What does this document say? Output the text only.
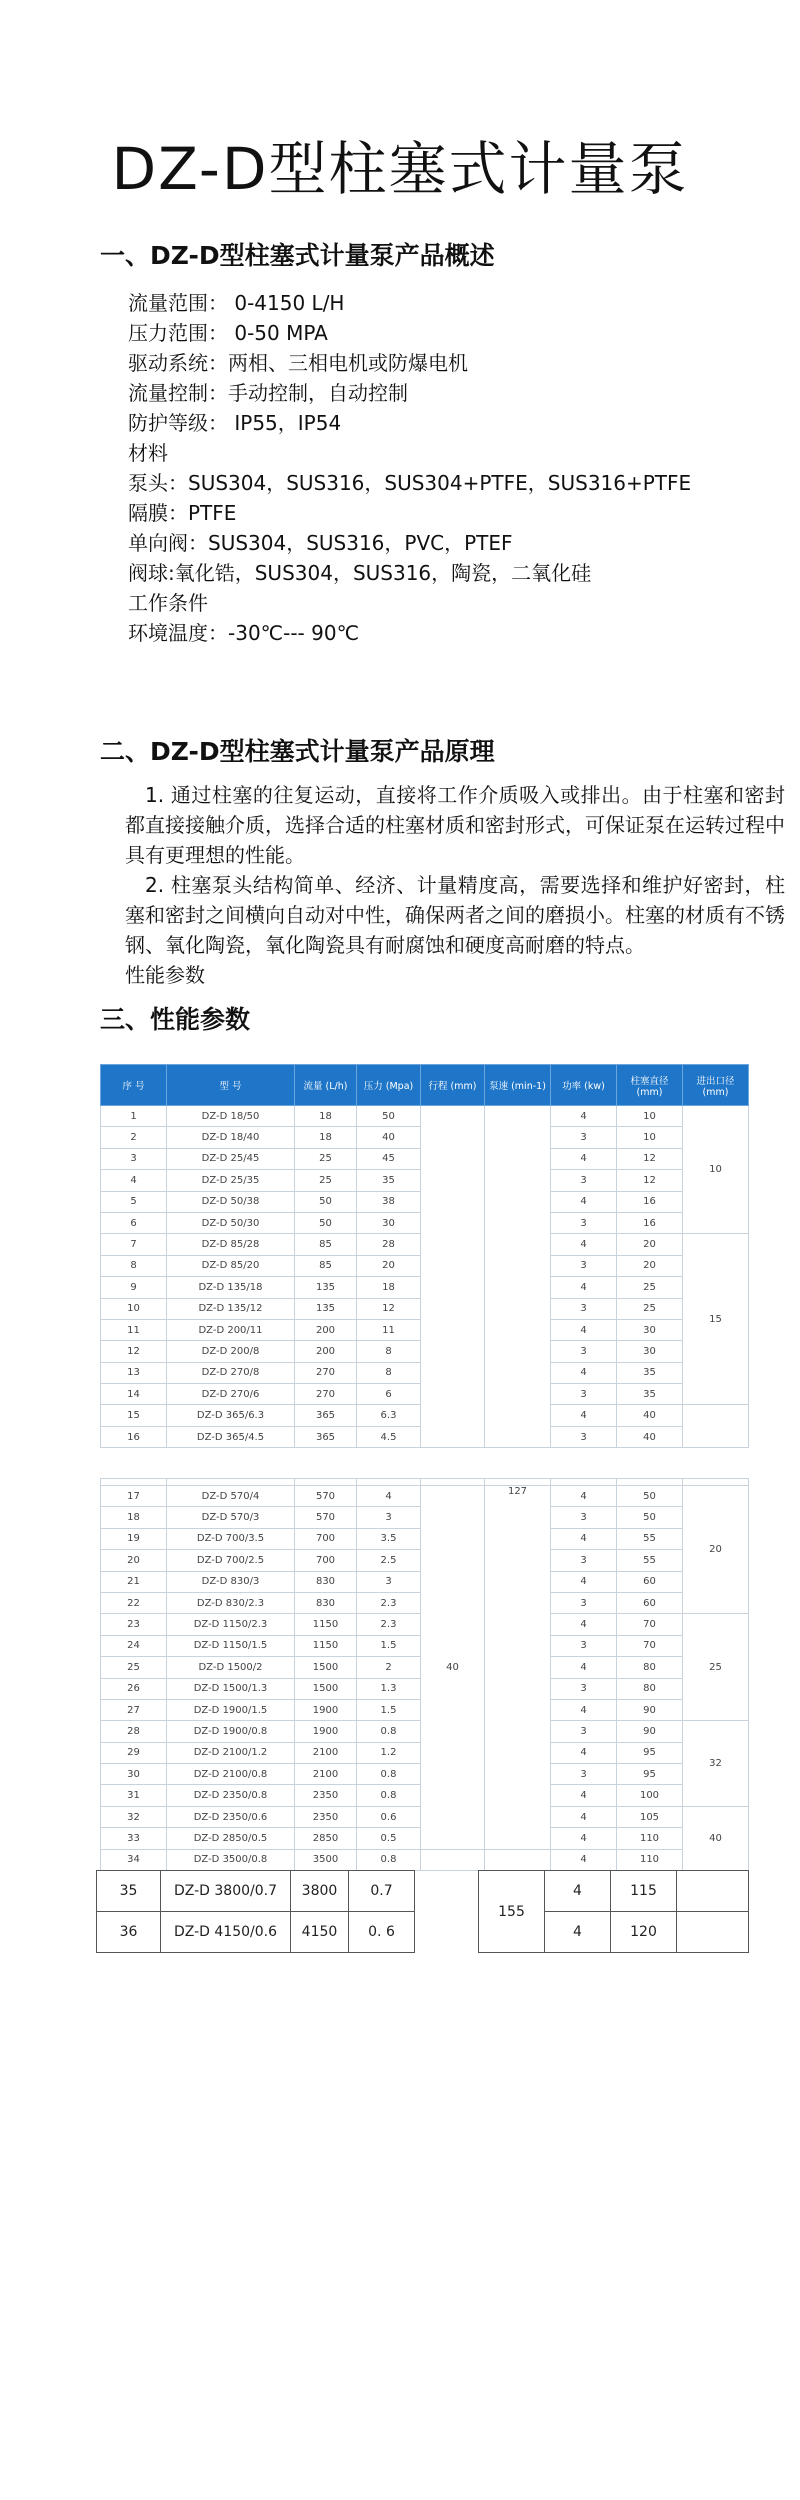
DZ-D型柱塞式计量泵
一、DZ-D型柱塞式计量泵产品概述
流量范围： 0-4150 L/H
压力范围： 0-50 MPA
驱动系统：两相、三相电机或防爆电机
流量控制：手动控制，自动控制
防护等级： IP55，IP54
材料
泵头：SUS304，SUS316，SUS304+PTFE，SUS316+PTFE
隔膜：PTFE
单向阀：SUS304，SUS316，PVC，PTEF
阀球:氧化锆，SUS304，SUS316，陶瓷，二氧化硅
工作条件
环境温度：-30℃--- 90℃
二、DZ-D型柱塞式计量泵产品原理

1. 通过柱塞的往复运动，直接将工作介质吸入或排出。由于柱塞和密封都直接接触介质，选择合适的柱塞材质和密封形式，可保证泵在运转过程中具有更理想的性能。

2. 柱塞泵头结构简单、经济、计量精度高，需要选择和维护好密封，柱塞和密封之间横向自动对中性，确保两者之间的磨损小。柱塞的材质有不锈钢、氧化陶瓷，氧化陶瓷具有耐腐蚀和硬度高耐磨的特点。

性能参数

三、性能参数
序 号	型 号	流量 (L/h)	压力 (Mpa)	行程 (mm)	泵速 (min-1)	功率 (kw)	柱塞直径 (mm)	进出口径 (mm)
1	DZ-D 18/50	18	50			4	10	10
2	DZ-D 18/40	18	40			3	10	
3	DZ-D 25/45	25	45			4	12	
4	DZ-D 25/35	25	35			3	12	
5	DZ-D 50/38	50	38			4	16	
6	DZ-D 50/30	50	30			3	16	
7	DZ-D 85/28	85	28			4	20	15
8	DZ-D 85/20	85	20			3	20	
9	DZ-D 135/18	135	18			4	25	
10	DZ-D 135/12	135	12			3	25	
11	DZ-D 200/11	200	11			4	30	
12	DZ-D 200/8	200	8			3	30	
13	DZ-D 270/8	270	8			4	35	
14	DZ-D 270/6	270	6			3	35	
15	DZ-D 365/6.3	365	6.3			4	40	
16	DZ-D 365/4.5	365	4.5			3	40	

17	DZ-D 570/4	570	4	40	127	4	50	20
18	DZ-D 570/3	570	3			3	50	
19	DZ-D 700/3.5	700	3.5			4	55	
20	DZ-D 700/2.5	700	2.5			3	55	
21	DZ-D 830/3	830	3			4	60	
22	DZ-D 830/2.3	830	2.3			3	60	
23	DZ-D 1150/2.3	1150	2.3			4	70	25
24	DZ-D 1150/1.5	1150	1.5			3	70	
25	DZ-D 1500/2	1500	2			4	80	
26	DZ-D 1500/1.3	1500	1.3			3	80	
27	DZ-D 1900/1.5	1900	1.5			4	90	
28	DZ-D 1900/0.8	1900	0.8			3	90	32
29	DZ-D 2100/1.2	2100	1.2			4	95	
30	DZ-D 2100/0.8	2100	0.8			3	95	
31	DZ-D 2350/0.8	2350	0.8			4	100	
32	DZ-D 2350/0.6	2350	0.6			4	105	40
33	DZ-D 2850/0.5	2850	0.5			4	110	
34	DZ-D 3500/0.8	3500	0.8			4	110	
35	DZ-D 3800/0.7	3800	0.7		155	4	115	
36	DZ-D 4150/0.6	4150	0. 6			4	120	
